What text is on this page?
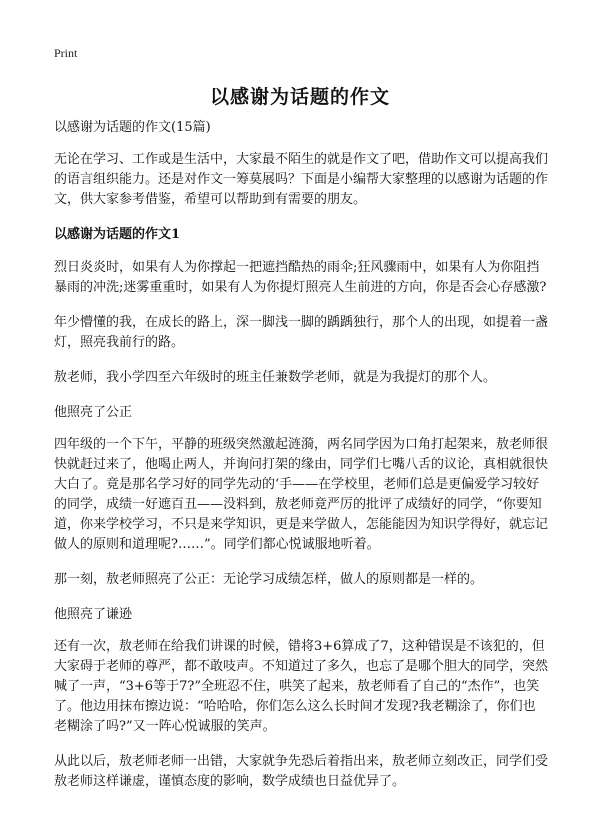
Print
以感谢为话题的作文

以感谢为话题的作文(15篇)

无论在学习、工作或是生活中，大家最不陌生的就是作文了吧，借助作文可以提高我们的语言组织能力。还是对作文一筹莫展吗？下面是小编帮大家整理的以感谢为话题的作文，供大家参考借鉴，希望可以帮助到有需要的朋友。

以感谢为话题的作文1

烈日炎炎时，如果有人为你撑起一把遮挡酷热的雨伞;狂风骤雨中，如果有人为你阻挡暴雨的冲洗;迷雾重重时，如果有人为你提灯照亮人生前进的方向，你是否会心存感激?

年少懵懂的我，在成长的路上，深一脚浅一脚的踽踽独行，那个人的出现，如提着一盏灯，照亮我前行的路。

敖老师，我小学四至六年级时的班主任兼数学老师，就是为我提灯的那个人。

他照亮了公正

四年级的一个下午，平静的班级突然激起涟漪，两名同学因为口角打起架来，敖老师很快就赶过来了，他喝止两人，并询问打架的缘由，同学们七嘴八舌的议论，真相就很快大白了。竟是那名学习好的同学先动的‘手——在学校里，老师们总是更偏爱学习较好的同学，成绩一好遮百丑——没料到，敖老师竟严厉的批评了成绩好的同学，“你要知道，你来学校学习，不只是来学知识，更是来学做人，怎能能因为知识学得好，就忘记做人的原则和道理呢?……”。同学们都心悦诚服地听着。

那一刻，敖老师照亮了公正：无论学习成绩怎样，做人的原则都是一样的。

他照亮了谦逊

还有一次，敖老师在给我们讲课的时候，错将3+6算成了7，这种错误是不该犯的，但大家碍于老师的尊严，都不敢吱声。不知道过了多久，也忘了是哪个胆大的同学，突然喊了一声，“3+6等于7?”全班忍不住，哄笑了起来，敖老师看了自己的“杰作”，也笑了。他边用抹布擦边说：“哈哈哈，你们怎么这么长时间才发现?我老糊涂了，你们也老糊涂了吗?”又一阵心悦诚服的笑声。

从此以后，敖老师老师一出错，大家就争先恐后着指出来，敖老师立刻改正，同学们受敖老师这样谦虚，谨慎态度的影响，数学成绩也日益优异了。
